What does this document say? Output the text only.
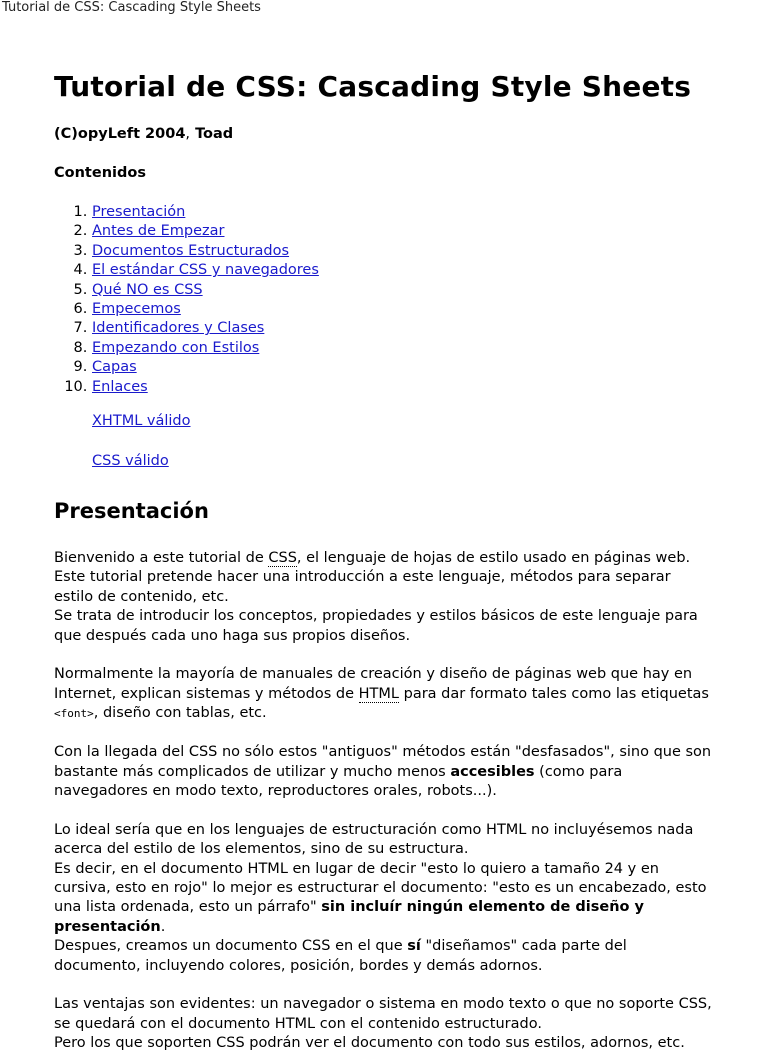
Tutorial de CSS: Cascading Style Sheets
Tutorial de CSS: Cascading Style Sheets

(C)opyLeft 2004, Toad

Contenidos

1. Presentación
2. Antes de Empezar
3. Documentos Estructurados
4. El estándar CSS y navegadores
5. Qué NO es CSS
6. Empecemos
7. Identificadores y Clases
8. Empezando con Estilos
9. Capas
10. Enlaces

XHTML válido

CSS válido

Presentación

Bienvenido a este tutorial de CSS, el lenguaje de hojas de estilo usado en páginas web. Este tutorial pretende hacer una introducción a este lenguaje, métodos para separar estilo de contenido, etc.
Se trata de introducir los conceptos, propiedades y estilos básicos de este lenguaje para que después cada uno haga sus propios diseños.

Normalmente la mayoría de manuales de creación y diseño de páginas web que hay en Internet, explican sistemas y métodos de HTML para dar formato tales como las etiquetas <font>, diseño con tablas, etc.

Con la llegada del CSS no sólo estos "antiguos" métodos están "desfasados", sino que son bastante más complicados de utilizar y mucho menos accesibles (como para navegadores en modo texto, reproductores orales, robots...).

Lo ideal sería que en los lenguajes de estructuración como HTML no incluyésemos nada acerca del estilo de los elementos, sino de su estructura.
Es decir, en el documento HTML en lugar de decir "esto lo quiero a tamaño 24 y en cursiva, esto en rojo" lo mejor es estructurar el documento: "esto es un encabezado, esto una lista ordenada, esto un párrafo" sin incluír ningún elemento de diseño y presentación.
Despues, creamos un documento CSS en el que sí "diseñamos" cada parte del documento, incluyendo colores, posición, bordes y demás adornos.

Las ventajas son evidentes: un navegador o sistema en modo texto o que no soporte CSS, se quedará con el documento HTML con el contenido estructurado.
Pero los que soporten CSS podrán ver el documento con todo sus estilos, adornos, etc.
